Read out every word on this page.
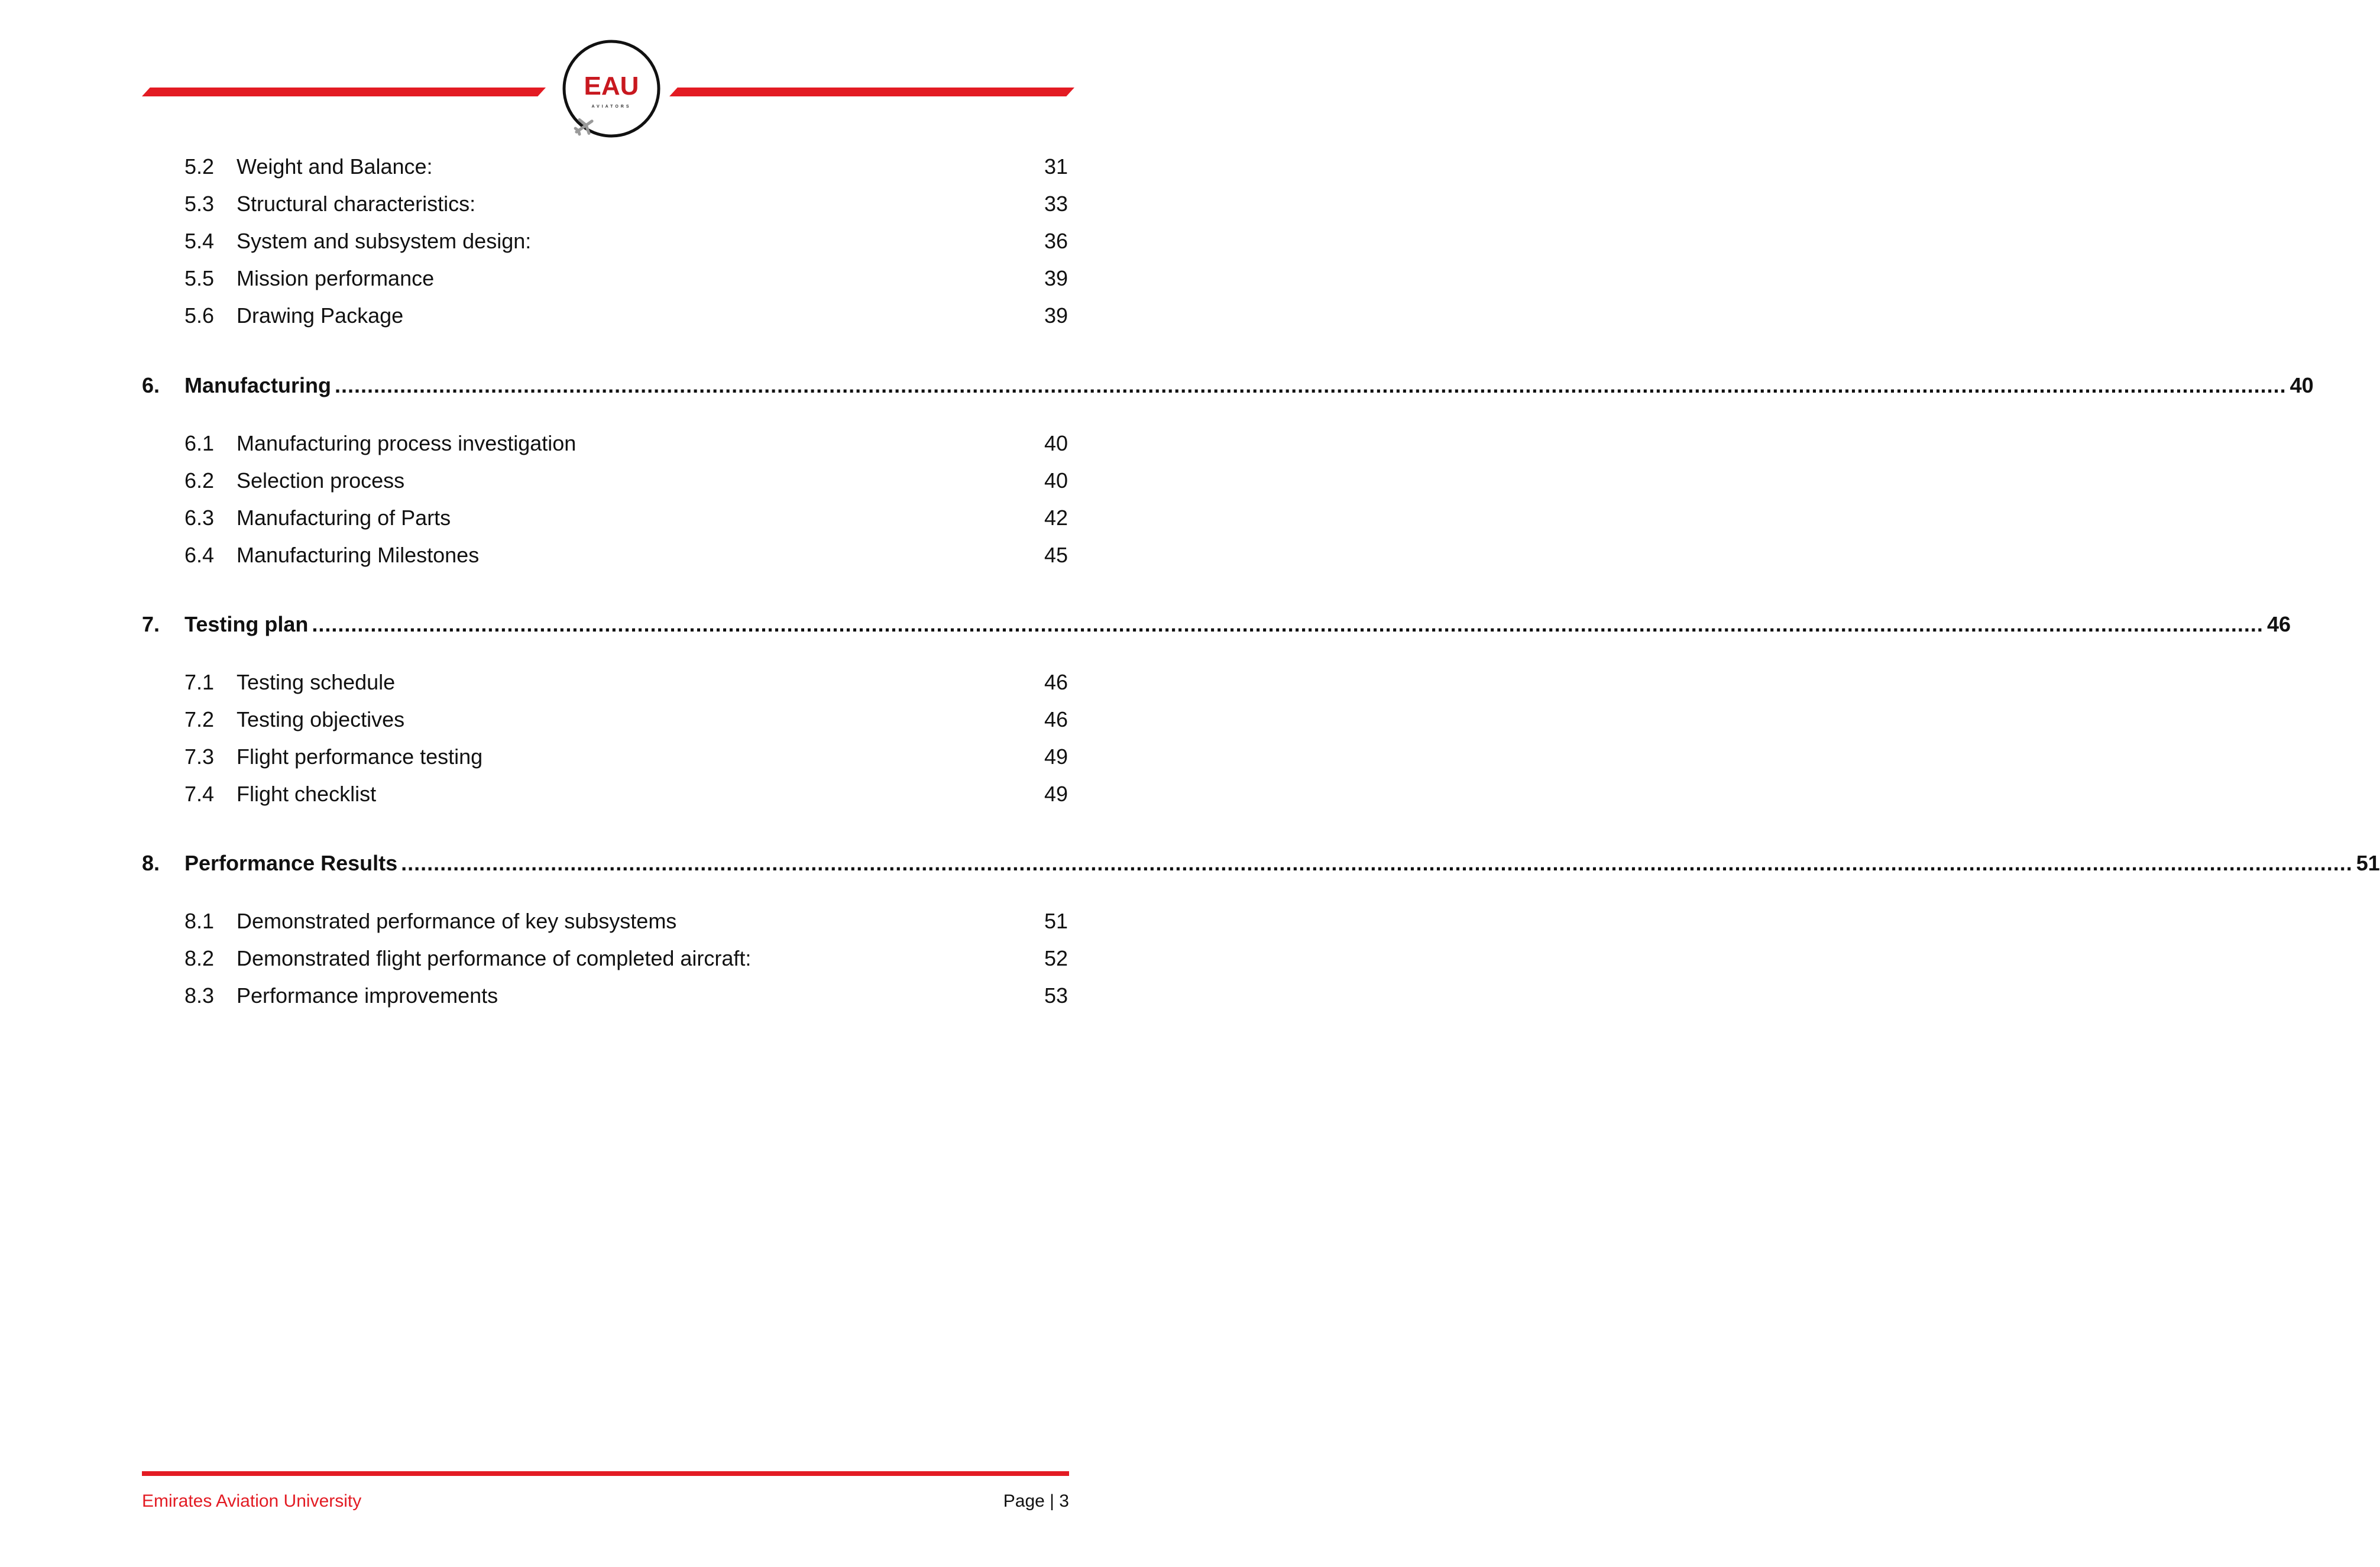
EAU
AVIATORS
5.2 Weight and Balance:	31
5.3 Structural characteristics:	33
5.4 System and subsystem design:	36
5.5 Mission performance	39
5.6 Drawing Package	39
6. Manufacturing ............................................................................................................................................................................................................................................................................................................ 40
6.1 Manufacturing process investigation	40
6.2 Selection process	40
6.3 Manufacturing of Parts	42
6.4 Manufacturing Milestones	45
7. Testing plan ............................................................................................................................................................................................................................................................................................................ 46
7.1 Testing schedule	46
7.2 Testing objectives	46
7.3 Flight performance testing	49
7.4 Flight checklist	49
8. Performance Results ............................................................................................................................................................................................................................................................................................................ 51
8.1 Demonstrated performance of key subsystems	51
8.2 Demonstrated flight performance of completed aircraft:	52
8.3 Performance improvements	53
Emirates Aviation University	Page | 3
